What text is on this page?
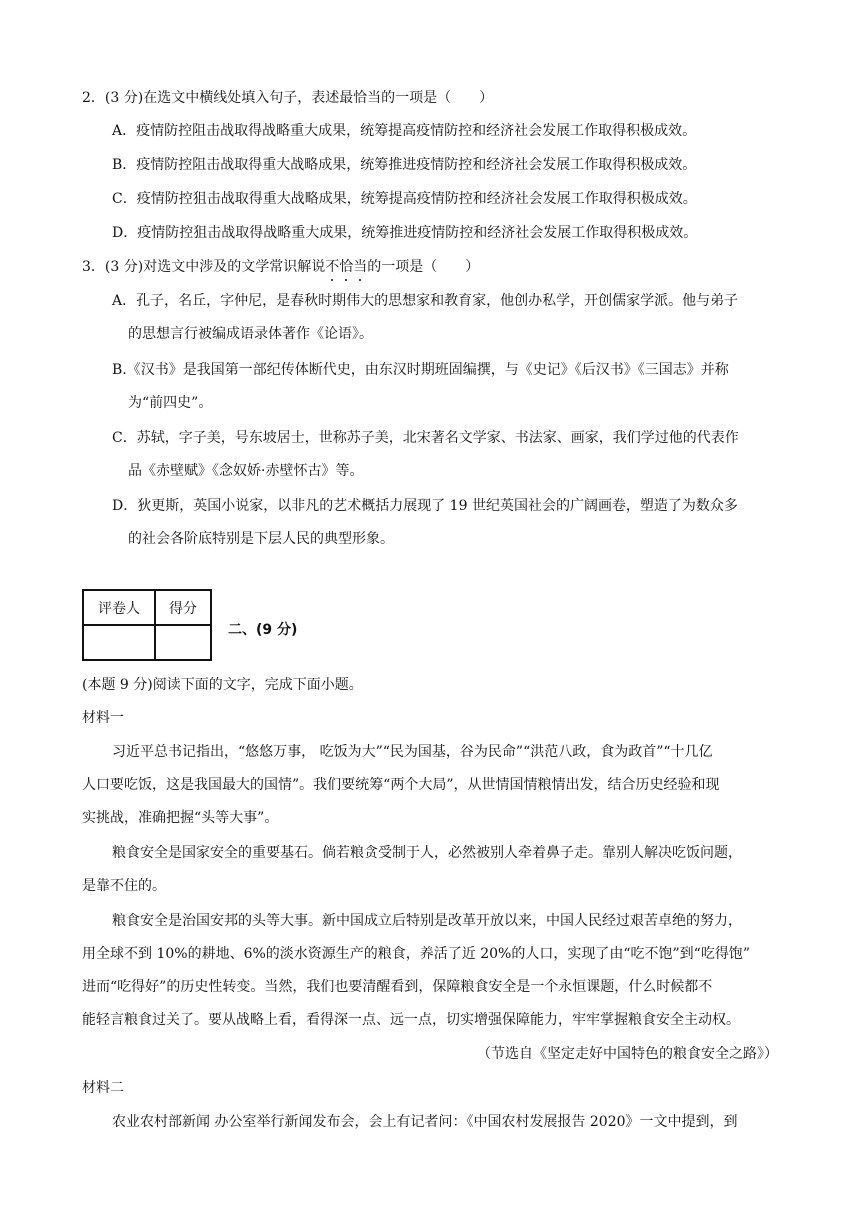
2．(3 分)在选文中横线处填入句子，表述最恰当的一项是（　　）
A．疫情防控阻击战取得战略重大成果，统筹提高疫情防控和经济社会发展工作取得积极成效。
B．疫情防控阻击战取得重大战略成果，统筹推进疫情防控和经济社会发展工作取得积极成效。
C．疫情防控狙击战取得重大战略成果，统筹提高疫情防控和经济社会发展工作取得积极成效。
D．疫情防控狙击战取得战略重大成果，统筹推进疫情防控和经济社会发展工作取得积极成效。
3．(3 分)对选文中涉及的文学常识解说不恰当的一项是（　　）
A．孔子，名丘，字仲尼，是春秋时期伟大的思想家和教育家，他创办私学，开创儒家学派。他与弟子
的思想言行被编成语录体著作《论语》。
B.《汉书》是我国第一部纪传体断代史，由东汉时期班固编撰，与《史记》《后汉书》《三国志》并称
为“前四史”。
C．苏轼，字子美，号东坡居士，世称苏子美，北宋著名文学家、书法家、画家，我们学过他的代表作
品《赤壁赋》《念奴娇·赤壁怀古》等。
D．狄更斯，英国小说家，以非凡的艺术概括力展现了 19 世纪英国社会的广阔画卷，塑造了为数众多
的社会各阶底特别是下层人民的典型形象。
评卷人	得分

二、(9 分)
(本题 9 分)阅读下面的文字，完成下面小题。
材料一
习近平总书记指出，“悠悠万事， 吃饭为大”“民为国基，谷为民命”“洪范八政，食为政首”“十几亿
人口要吃饭，这是我国最大的国情”。我们要统筹“两个大局”，从世情国情粮情出发，结合历史经验和现
实挑战，准确把握“头等大事”。
粮食安全是国家安全的重要基石。倘若粮贪受制于人，必然被别人牵着鼻子走。靠别人解决吃饭问题，
是靠不住的。
粮食安全是治国安邦的头等大事。新中国成立后特别是改革开放以来，中国人民经过艰苦卓绝的努力，
用全球不到 10%的耕地、6%的淡水资源生产的粮食，养活了近 20%的人口，实现了由“吃不饱”到“吃得饱”
进而“吃得好”的历史性转变。当然，我们也要清醒看到，保障粮食安全是一个永恒课题，什么时候都不
能轻言粮食过关了。要从战略上看，看得深一点、远一点，切实增强保障能力，牢牢掌握粮食安全主动权。
（节选自《坚定走好中国特色的粮食安全之路》）
材料二
农业农村部新闻 办公室举行新闻发布会，会上有记者问：《中国农村发展报告 2020》一文中提到，到
